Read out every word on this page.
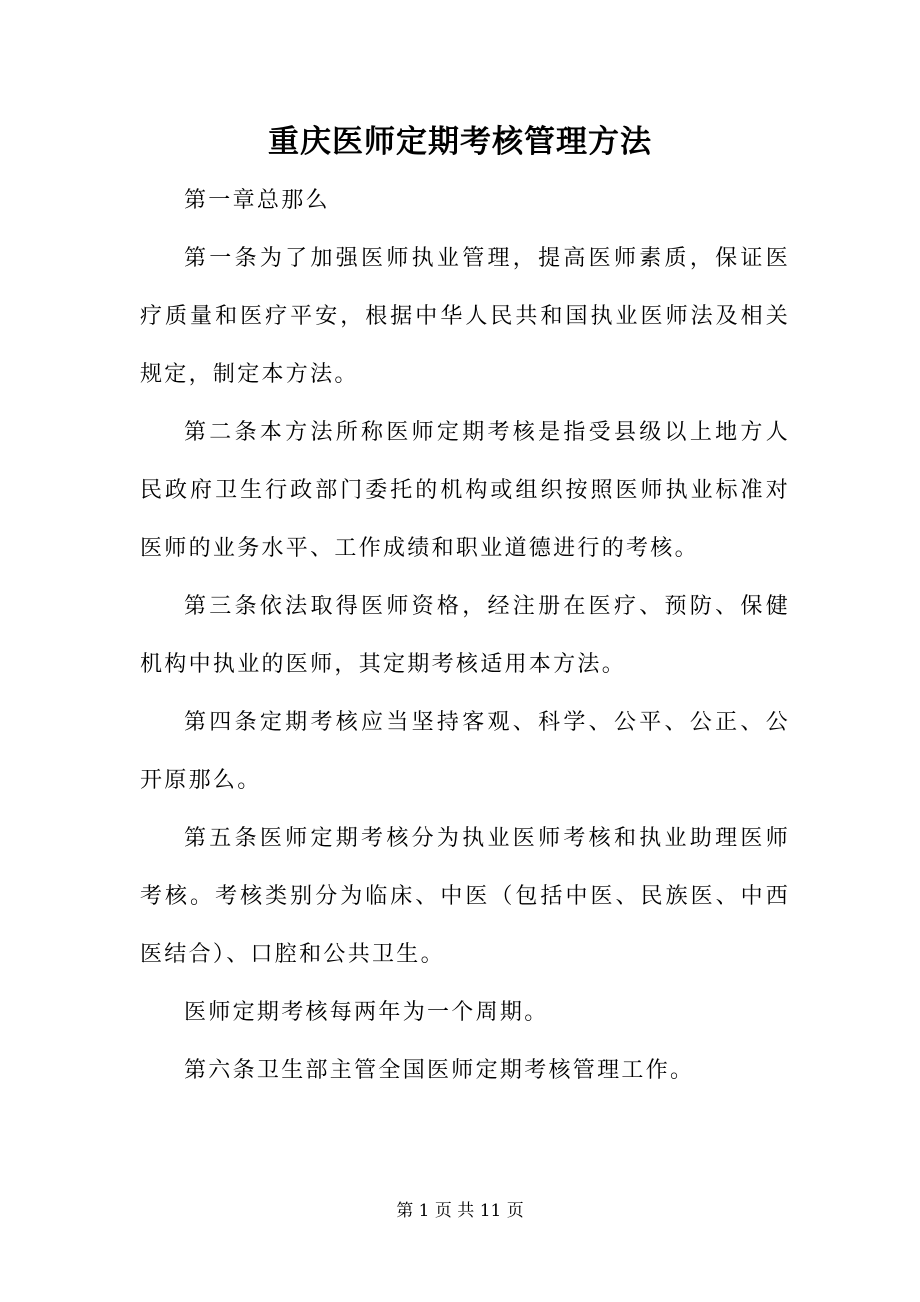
重庆医师定期考核管理方法

第一章总那么

第一条为了加强医师执业管理，提高医师素质，保证医疗质量和医疗平安，根据中华人民共和国执业医师法及相关规定，制定本方法。

第二条本方法所称医师定期考核是指受县级以上地方人民政府卫生行政部门委托的机构或组织按照医师执业标准对医师的业务水平、工作成绩和职业道德进行的考核。

第三条依法取得医师资格，经注册在医疗、预防、保健机构中执业的医师，其定期考核适用本方法。

第四条定期考核应当坚持客观、科学、公平、公正、公开原那么。

第五条医师定期考核分为执业医师考核和执业助理医师考核。考核类别分为临床、中医（包括中医、民族医、中西医结合）、口腔和公共卫生。

医师定期考核每两年为一个周期。

第六条卫生部主管全国医师定期考核管理工作。

第 1 页 共 11 页
